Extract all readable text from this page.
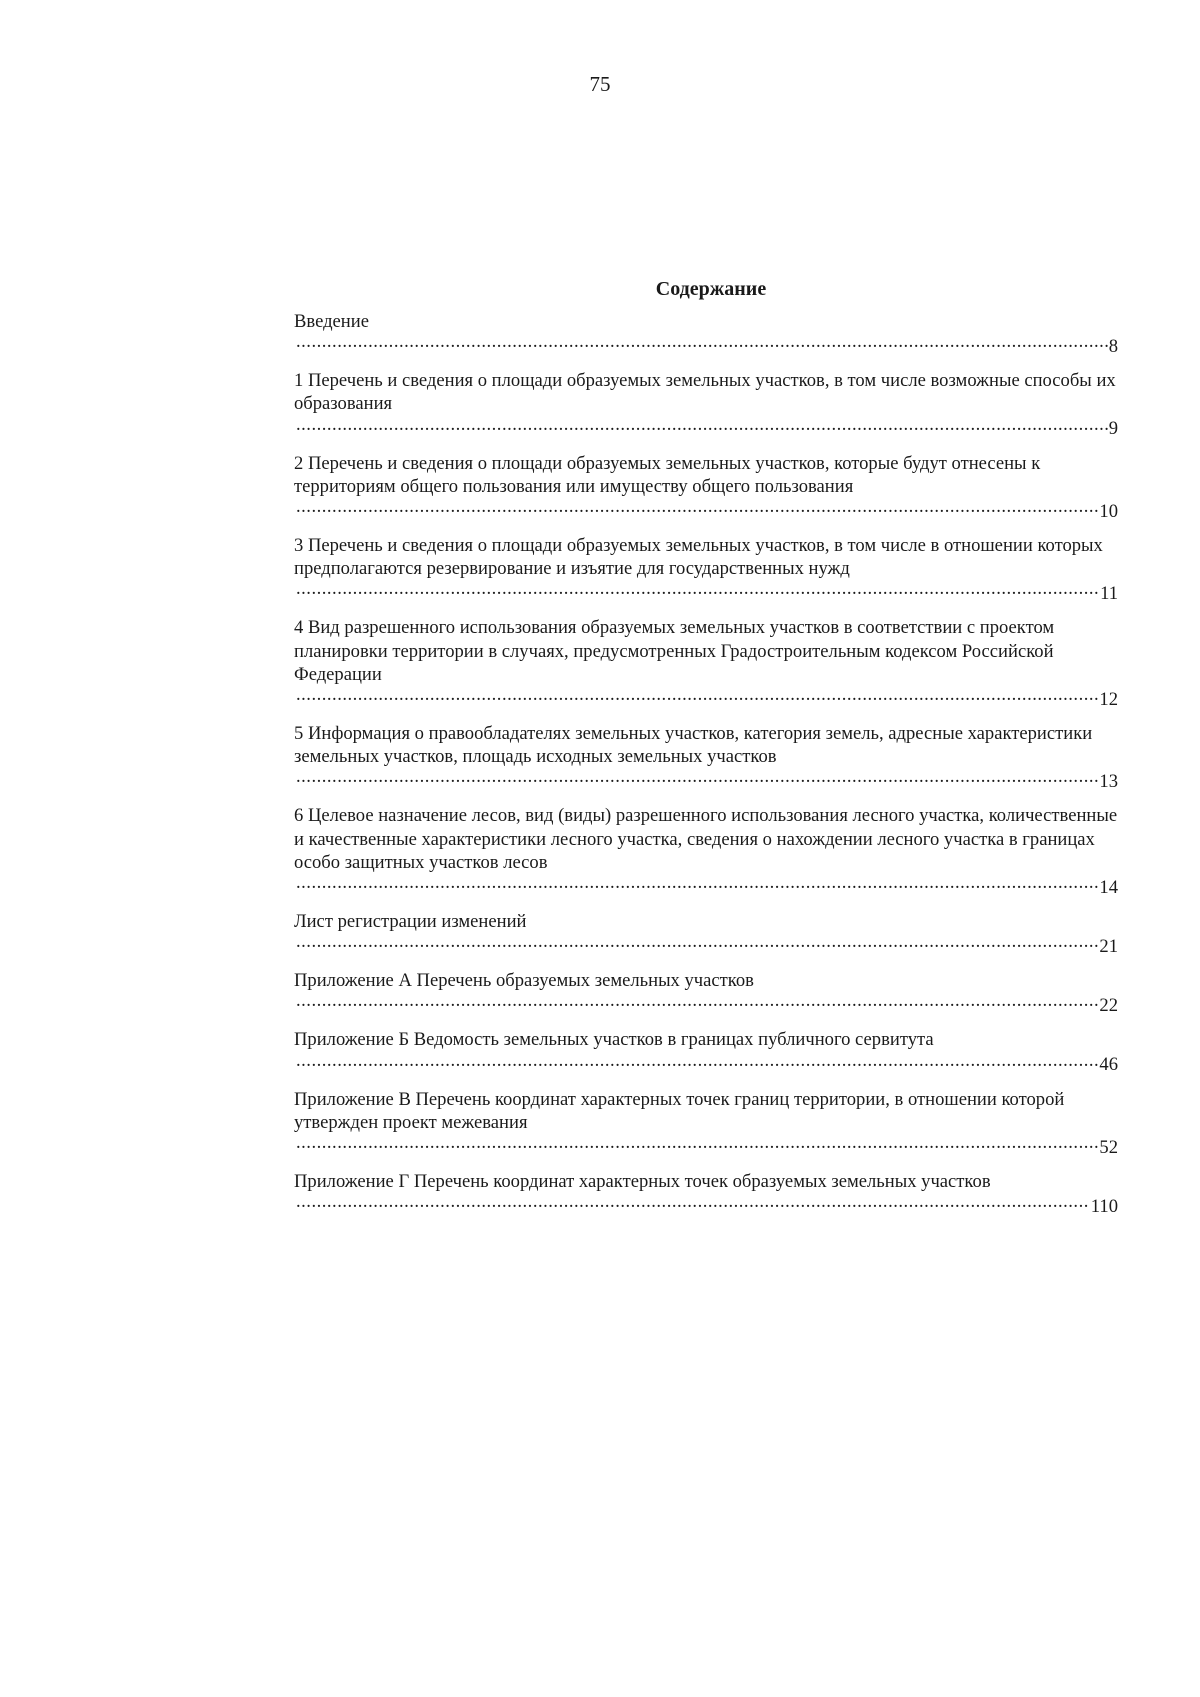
75
Содержание
Введение.....
8
1 Перечень и сведения о площади образуемых земельных участков, в том числе возможные способы их образования.....
9
2 Перечень и сведения о площади образуемых земельных участков, которые будут отнесены к территориям общего пользования или имуществу общего пользования.....
10
3 Перечень и сведения о площади образуемых земельных участков, в том числе в отношении которых предполагаются резервирование и изъятие для государственных нужд.....
11
4 Вид разрешенного использования образуемых земельных участков в соответствии с проектом планировки территории в случаях, предусмотренных Градостроительным кодексом Российской Федерации.....
12
5 Информация о правообладателях земельных участков, категория земель, адресные характеристики земельных участков, площадь исходных земельных участков.....
13
6 Целевое назначение лесов, вид (виды) разрешенного использования лесного участка, количественные и качественные характеристики лесного участка, сведения о нахождении лесного участка в границах особо защитных участков лесов.....
14
Лист регистрации изменений.....
21
Приложение А Перечень образуемых земельных участков.....
22
Приложение Б Ведомость земельных участков в границах публичного сервитута.....
46
Приложение В Перечень координат характерных точек границ территории, в отношении которой утвержден проект межевания.....
52
Приложение Г Перечень координат характерных точек образуемых земельных участков.....
110
